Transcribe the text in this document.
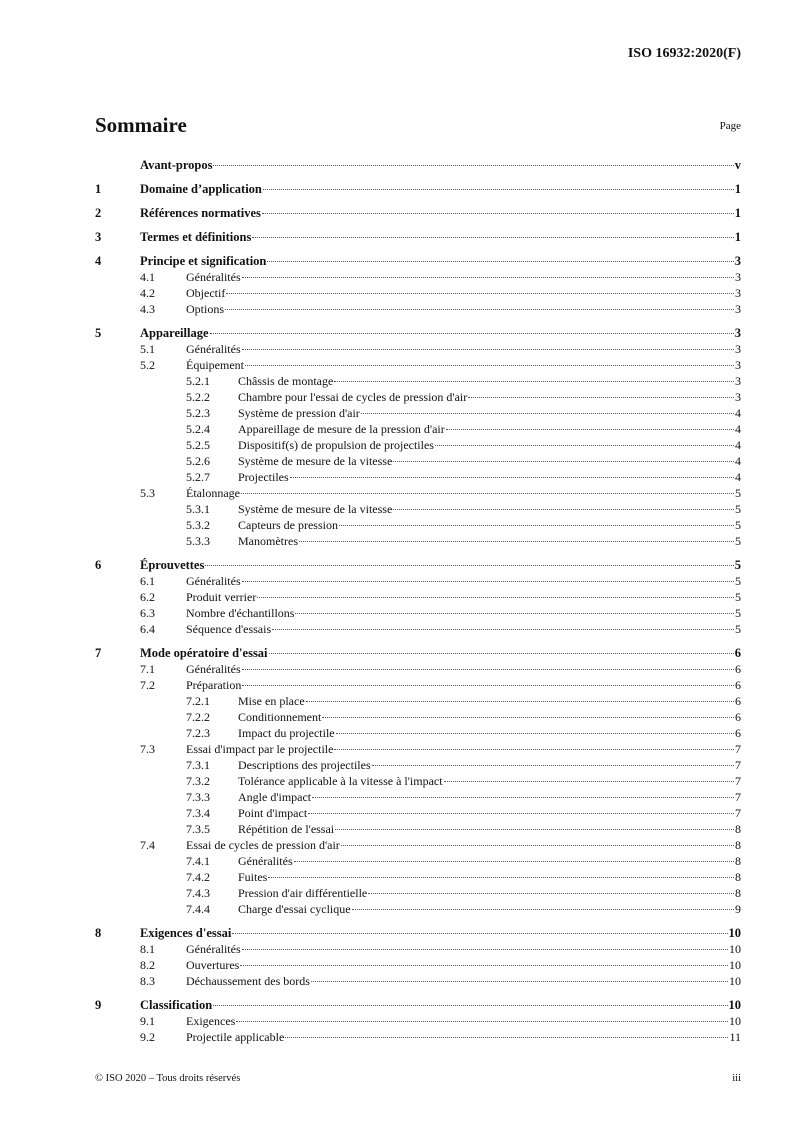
ISO 16932:2020(F)
Sommaire	Page
Avant-propos	v
1	Domaine d’application	1
2	Références normatives	1
3	Termes et définitions	1
4	Principe et signification	3
4.1	Généralités	3
4.2	Objectif	3
4.3	Options	3
5	Appareillage	3
5.1	Généralités	3
5.2	Équipement	3
5.2.1	Châssis de montage	3
5.2.2	Chambre pour l'essai de cycles de pression d'air	3
5.2.3	Système de pression d'air	4
5.2.4	Appareillage de mesure de la pression d'air	4
5.2.5	Dispositif(s) de propulsion de projectiles	4
5.2.6	Système de mesure de la vitesse	4
5.2.7	Projectiles	4
5.3	Étalonnage	5
5.3.1	Système de mesure de la vitesse	5
5.3.2	Capteurs de pression	5
5.3.3	Manomètres	5
6	Éprouvettes	5
6.1	Généralités	5
6.2	Produit verrier	5
6.3	Nombre d'échantillons	5
6.4	Séquence d'essais	5
7	Mode opératoire d'essai	6
7.1	Généralités	6
7.2	Préparation	6
7.2.1	Mise en place	6
7.2.2	Conditionnement	6
7.2.3	Impact du projectile	6
7.3	Essai d'impact par le projectile	7
7.3.1	Descriptions des projectiles	7
7.3.2	Tolérance applicable à la vitesse à l'impact	7
7.3.3	Angle d'impact	7
7.3.4	Point d'impact	7
7.3.5	Répétition de l'essai	8
7.4	Essai de cycles de pression d'air	8
7.4.1	Généralités	8
7.4.2	Fuites	8
7.4.3	Pression d'air différentielle	8
7.4.4	Charge d'essai cyclique	9
8	Exigences d'essai	10
8.1	Généralités	10
8.2	Ouvertures	10
8.3	Déchaussement des bords	10
9	Classification	10
9.1	Exigences	10
9.2	Projectile applicable	11
© ISO 2020 – Tous droits réservés	iii
